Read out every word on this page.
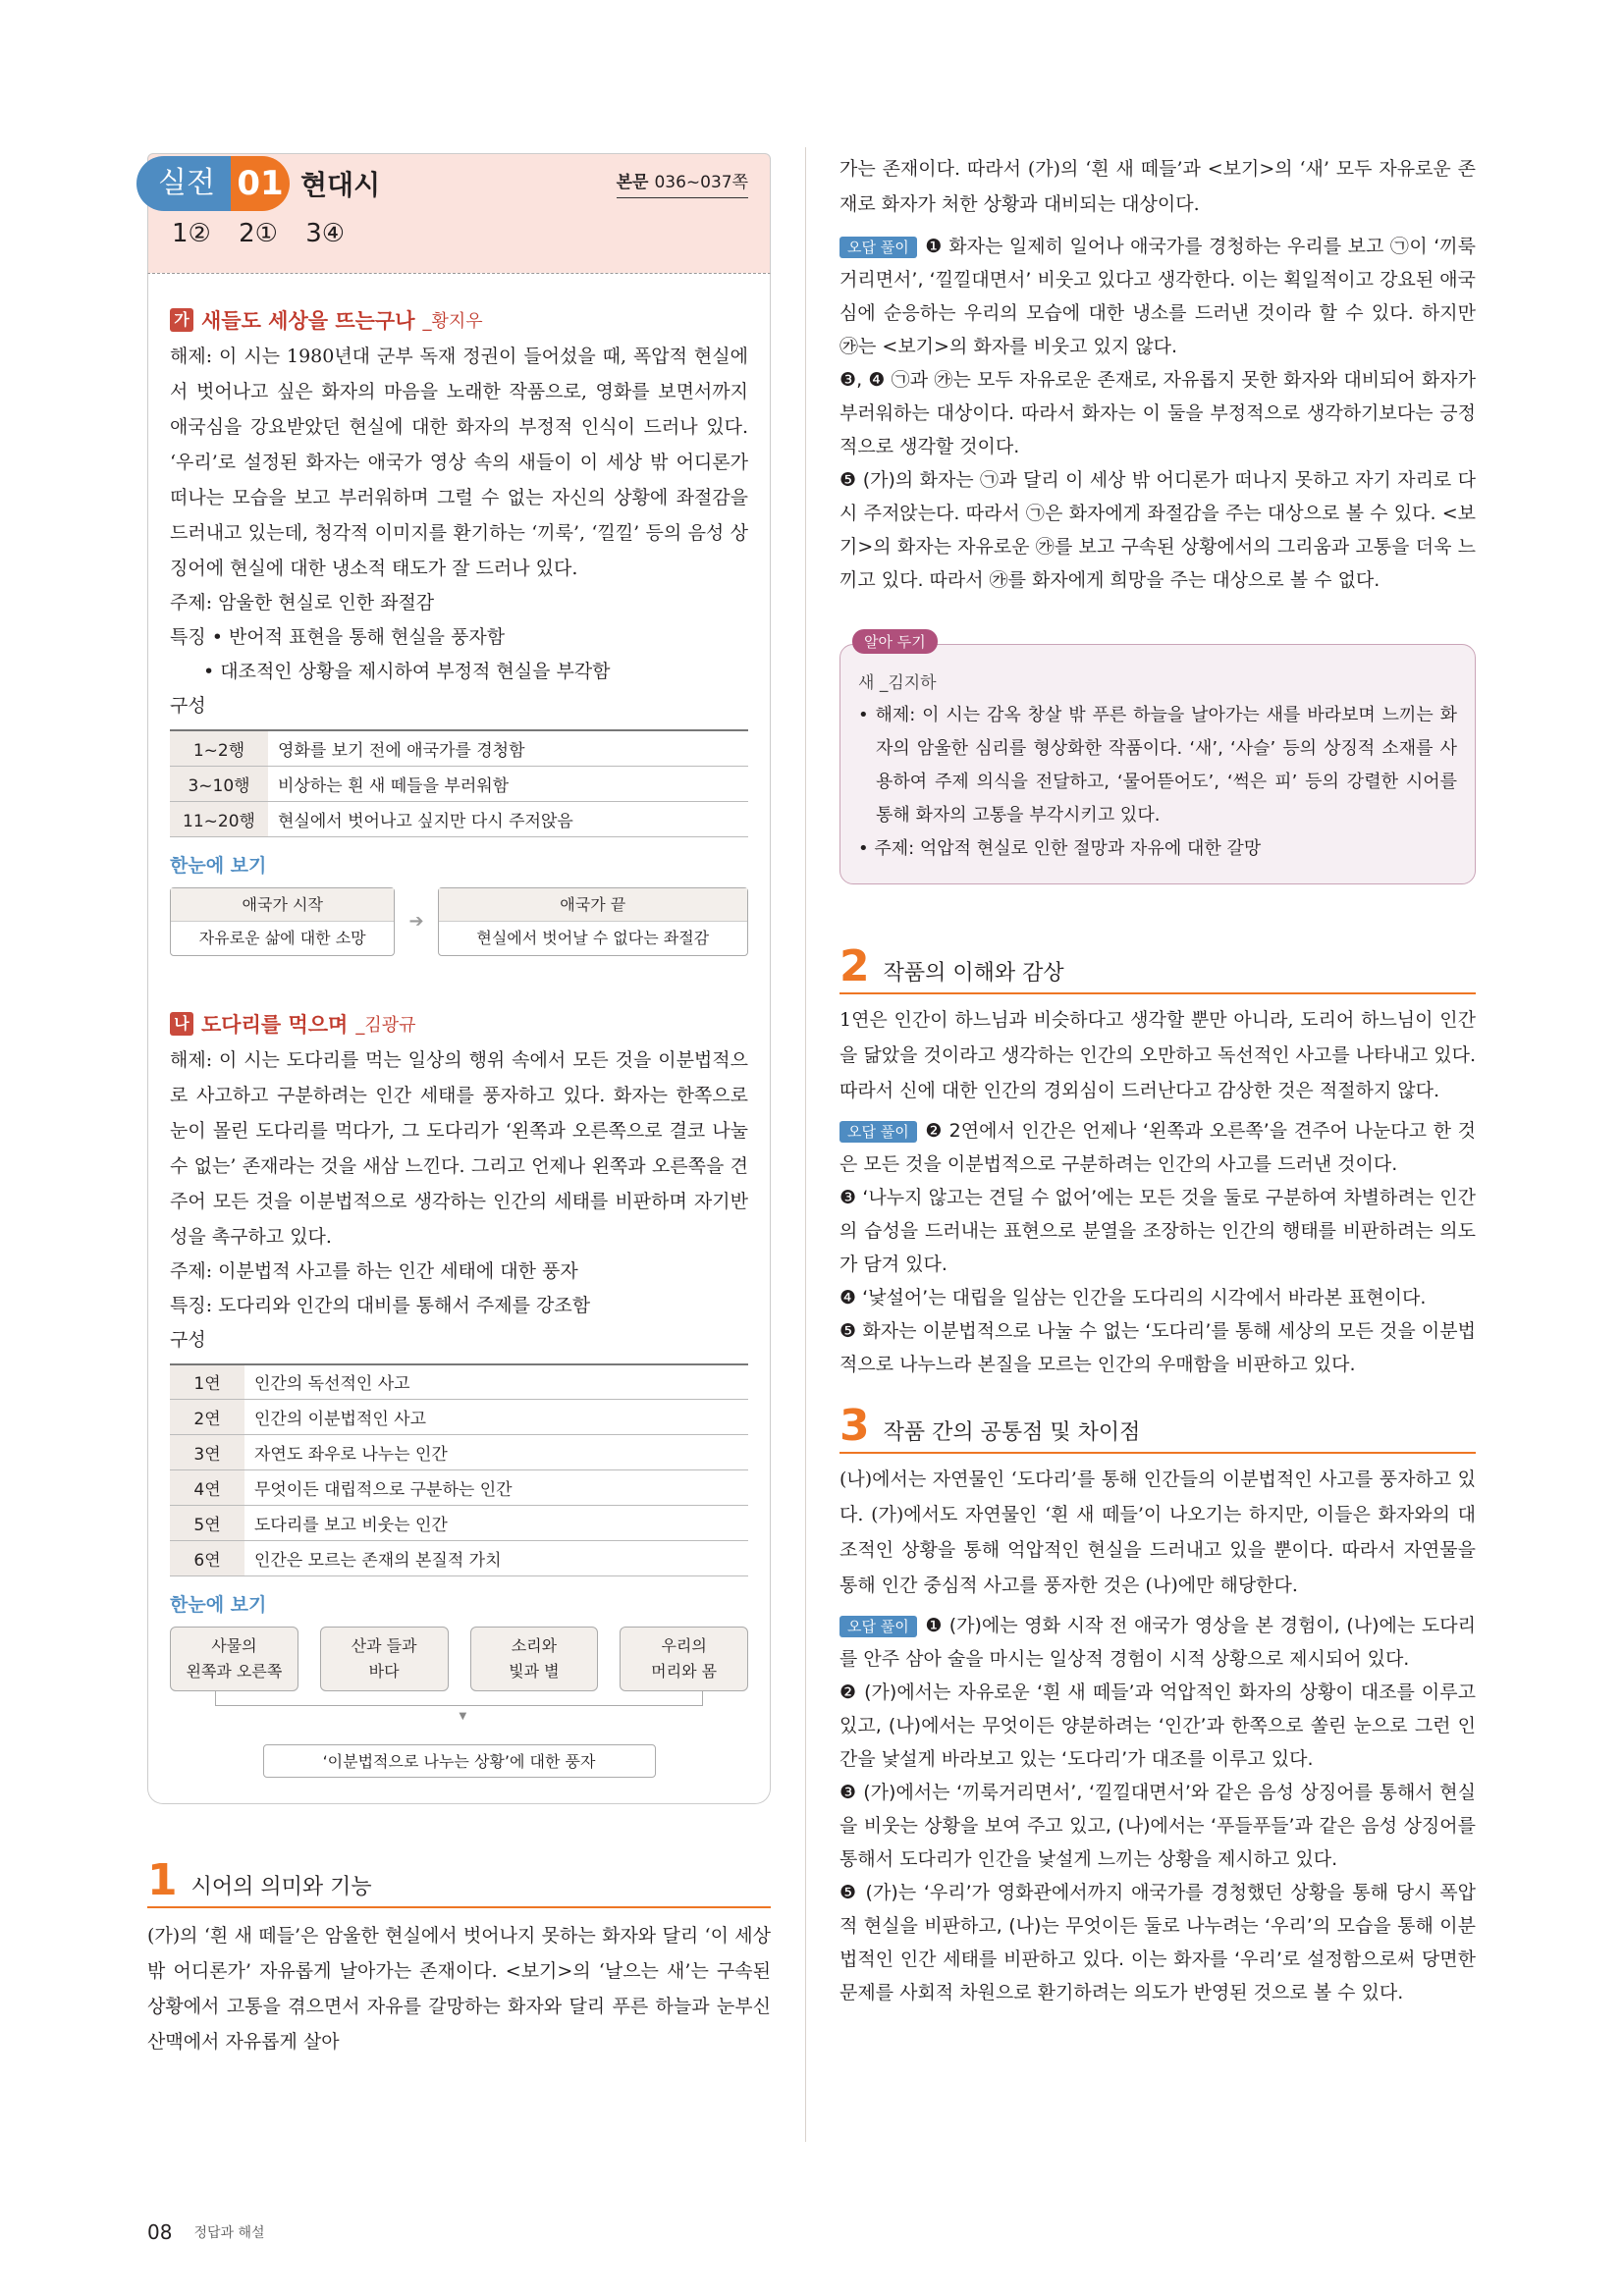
실전 01 현대시	본문 036~037쪽
1② 2① 3④
가 새들도 세상을 뜨는구나 _황지우

해제: 이 시는 1980년대 군부 독재 정권이 들어섰을 때, 폭압적 현실에서 벗어나고 싶은 화자의 마음을 노래한 작품으로, 영화를 보면서까지 애국심을 강요받았던 현실에 대한 화자의 부정적 인식이 드러나 있다. ‘우리’로 설정된 화자는 애국가 영상 속의 새들이 이 세상 밖 어디론가 떠나는 모습을 보고 부러워하며 그럴 수 없는 자신의 상황에 좌절감을 드러내고 있는데, 청각적 이미지를 환기하는 ‘끼룩’, ‘낄낄’ 등의 음성 상징어에 현실에 대한 냉소적 태도가 잘 드러나 있다.

주제: 암울한 현실로 인한 좌절감
특징 • 반어적 표현을 통해 현실을 풍자함
• 대조적인 상황을 제시하여 부정적 현실을 부각함
구성
1~2행	영화를 보기 전에 애국가를 경청함
3~10행	비상하는 흰 새 떼들을 부러워함
11~20행	현실에서 벗어나고 싶지만 다시 주저앉음
한눈에 보기
애국가 시작
자유로운 삶에 대한 소망
➔
애국가 끝
현실에서 벗어날 수 없다는 좌절감
나 도다리를 먹으며 _김광규

해제: 이 시는 도다리를 먹는 일상의 행위 속에서 모든 것을 이분법적으로 사고하고 구분하려는 인간 세태를 풍자하고 있다. 화자는 한쪽으로 눈이 몰린 도다리를 먹다가, 그 도다리가 ‘왼쪽과 오른쪽으로 결코 나눌 수 없는’ 존재라는 것을 새삼 느낀다. 그리고 언제나 왼쪽과 오른쪽을 견주어 모든 것을 이분법적으로 생각하는 인간의 세태를 비판하며 자기반성을 촉구하고 있다.

주제: 이분법적 사고를 하는 인간 세태에 대한 풍자
특징: 도다리와 인간의 대비를 통해서 주제를 강조함
구성
1연	인간의 독선적인 사고
2연	인간의 이분법적인 사고
3연	자연도 좌우로 나누는 인간
4연	무엇이든 대립적으로 구분하는 인간
5연	도다리를 보고 비웃는 인간
6연	인간은 모르는 존재의 본질적 가치
한눈에 보기
사물의
왼쪽과 오른쪽
산과 들과
바다
소리와
빛과 별
우리의
머리와 몸
▼
‘이분법적으로 나누는 상황’에 대한 풍자
1 시어의 의미와 기능

(가)의 ‘흰 새 떼들’은 암울한 현실에서 벗어나지 못하는 화자와 달리 ‘이 세상 밖 어디론가’ 자유롭게 날아가는 존재이다. <보기>의 ‘날으는 새’는 구속된 상황에서 고통을 겪으면서 자유를 갈망하는 화자와 달리 푸른 하늘과 눈부신 산맥에서 자유롭게 살아

가는 존재이다. 따라서 (가)의 ‘흰 새 떼들’과 <보기>의 ‘새’ 모두 자유로운 존재로 화자가 처한 상황과 대비되는 대상이다.

오답 풀이 ❶ 화자는 일제히 일어나 애국가를 경청하는 우리를 보고 ㉠이 ‘끼룩거리면서’, ‘낄낄대면서’ 비웃고 있다고 생각한다. 이는 획일적이고 강요된 애국심에 순응하는 우리의 모습에 대한 냉소를 드러낸 것이라 할 수 있다. 하지만 ㉮는 <보기>의 화자를 비웃고 있지 않다.

❸, ❹ ㉠과 ㉮는 모두 자유로운 존재로, 자유롭지 못한 화자와 대비되어 화자가 부러워하는 대상이다. 따라서 화자는 이 둘을 부정적으로 생각하기보다는 긍정적으로 생각할 것이다.

❺ (가)의 화자는 ㉠과 달리 이 세상 밖 어디론가 떠나지 못하고 자기 자리로 다시 주저앉는다. 따라서 ㉠은 화자에게 좌절감을 주는 대상으로 볼 수 있다. <보기>의 화자는 자유로운 ㉮를 보고 구속된 상황에서의 그리움과 고통을 더욱 느끼고 있다. 따라서 ㉮를 화자에게 희망을 주는 대상으로 볼 수 없다.

알아 두기
새 _김지하
• 해제: 이 시는 감옥 창살 밖 푸른 하늘을 날아가는 새를 바라보며 느끼는 화자의 암울한 심리를 형상화한 작품이다. ‘새’, ‘사슬’ 등의 상징적 소재를 사용하여 주제 의식을 전달하고, ‘물어뜯어도’, ‘썩은 피’ 등의 강렬한 시어를 통해 화자의 고통을 부각시키고 있다.
• 주제: 억압적 현실로 인한 절망과 자유에 대한 갈망
2 작품의 이해와 감상

1연은 인간이 하느님과 비슷하다고 생각할 뿐만 아니라, 도리어 하느님이 인간을 닮았을 것이라고 생각하는 인간의 오만하고 독선적인 사고를 나타내고 있다. 따라서 신에 대한 인간의 경외심이 드러난다고 감상한 것은 적절하지 않다.

오답 풀이 ❷ 2연에서 인간은 언제나 ‘왼쪽과 오른쪽’을 견주어 나눈다고 한 것은 모든 것을 이분법적으로 구분하려는 인간의 사고를 드러낸 것이다.

❸ ‘나누지 않고는 견딜 수 없어’에는 모든 것을 둘로 구분하여 차별하려는 인간의 습성을 드러내는 표현으로 분열을 조장하는 인간의 행태를 비판하려는 의도가 담겨 있다.

❹ ‘낯설어’는 대립을 일삼는 인간을 도다리의 시각에서 바라본 표현이다.

❺ 화자는 이분법적으로 나눌 수 없는 ‘도다리’를 통해 세상의 모든 것을 이분법적으로 나누느라 본질을 모르는 인간의 우매함을 비판하고 있다.

3 작품 간의 공통점 및 차이점

(나)에서는 자연물인 ‘도다리’를 통해 인간들의 이분법적인 사고를 풍자하고 있다. (가)에서도 자연물인 ‘흰 새 떼들’이 나오기는 하지만, 이들은 화자와의 대조적인 상황을 통해 억압적인 현실을 드러내고 있을 뿐이다. 따라서 자연물을 통해 인간 중심적 사고를 풍자한 것은 (나)에만 해당한다.

오답 풀이 ❶ (가)에는 영화 시작 전 애국가 영상을 본 경험이, (나)에는 도다리를 안주 삼아 술을 마시는 일상적 경험이 시적 상황으로 제시되어 있다.

❷ (가)에서는 자유로운 ‘흰 새 떼들’과 억압적인 화자의 상황이 대조를 이루고 있고, (나)에서는 무엇이든 양분하려는 ‘인간’과 한쪽으로 쏠린 눈으로 그런 인간을 낯설게 바라보고 있는 ‘도다리’가 대조를 이루고 있다.

❸ (가)에서는 ‘끼룩거리면서’, ‘낄낄대면서’와 같은 음성 상징어를 통해서 현실을 비웃는 상황을 보여 주고 있고, (나)에서는 ‘푸들푸들’과 같은 음성 상징어를 통해서 도다리가 인간을 낯설게 느끼는 상황을 제시하고 있다.

❺ (가)는 ‘우리’가 영화관에서까지 애국가를 경청했던 상황을 통해 당시 폭압적 현실을 비판하고, (나)는 무엇이든 둘로 나누려는 ‘우리’의 모습을 통해 이분법적인 인간 세태를 비판하고 있다. 이는 화자를 ‘우리’로 설정함으로써 당면한 문제를 사회적 차원으로 환기하려는 의도가 반영된 것으로 볼 수 있다.

08 정답과 해설
